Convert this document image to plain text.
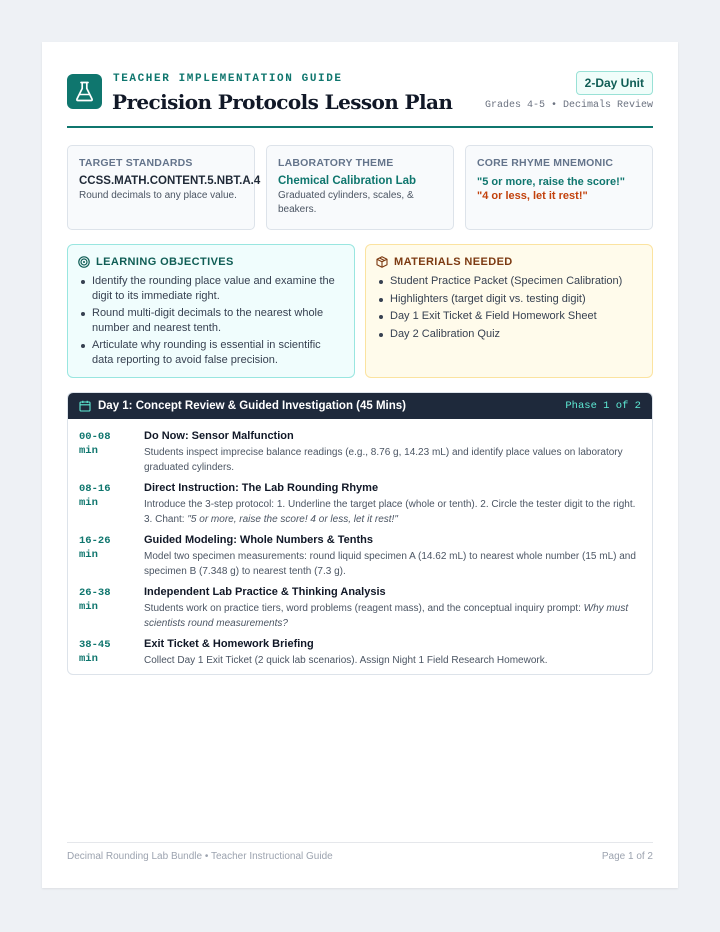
TEACHER IMPLEMENTATION GUIDE
Precision Protocols Lesson Plan
2-Day Unit
Grades 4-5 • Decimals Review
TARGET STANDARDS
CCSS.MATH.CONTENT.5.NBT.A.4
Round decimals to any place value.
LABORATORY THEME
Chemical Calibration Lab
Graduated cylinders, scales, & beakers.
CORE RHYME MNEMONIC
"5 or more, raise the score!"
"4 or less, let it rest!"
LEARNING OBJECTIVES
Identify the rounding place value and examine the digit to its immediate right.
Round multi-digit decimals to the nearest whole number and nearest tenth.
Articulate why rounding is essential in scientific data reporting to avoid false precision.
MATERIALS NEEDED
Student Practice Packet (Specimen Calibration)
Highlighters (target digit vs. testing digit)
Day 1 Exit Ticket & Field Homework Sheet
Day 2 Calibration Quiz
Day 1: Concept Review & Guided Investigation (45 Mins)	Phase 1 of 2
00-08 min
Do Now: Sensor Malfunction
Students inspect imprecise balance readings (e.g., 8.76 g, 14.23 mL) and identify place values on laboratory graduated cylinders.
08-16 min
Direct Instruction: The Lab Rounding Rhyme
Introduce the 3-step protocol: 1. Underline the target place (whole or tenth). 2. Circle the tester digit to the right. 3. Chant: "5 or more, raise the score! 4 or less, let it rest!"
16-26 min
Guided Modeling: Whole Numbers & Tenths
Model two specimen measurements: round liquid specimen A (14.62 mL) to nearest whole number (15 mL) and specimen B (7.348 g) to nearest tenth (7.3 g).
26-38 min
Independent Lab Practice & Thinking Analysis
Students work on practice tiers, word problems (reagent mass), and the conceptual inquiry prompt: Why must scientists round measurements?
38-45 min
Exit Ticket & Homework Briefing
Collect Day 1 Exit Ticket (2 quick lab scenarios). Assign Night 1 Field Research Homework.
Decimal Rounding Lab Bundle • Teacher Instructional Guide	Page 1 of 2
